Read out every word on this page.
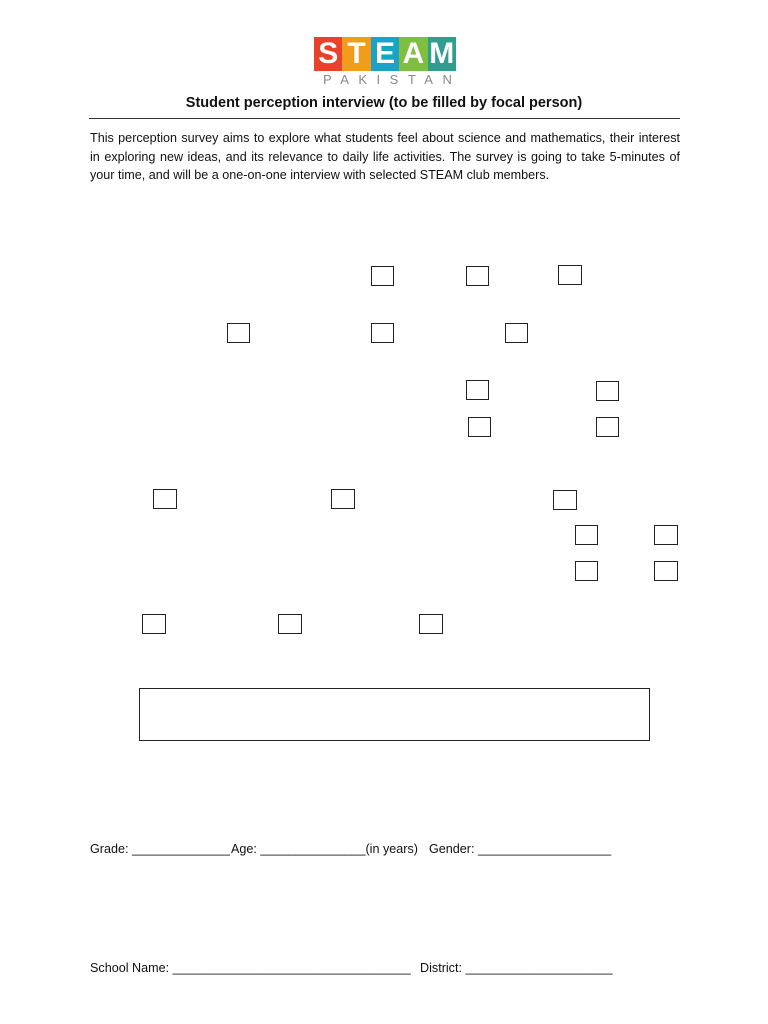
S T E A M
PAKISTAN
Student perception interview (to be filled by focal person)
This perception survey aims to explore what students feel about science and mathematics, their interest in exploring new ideas, and its relevance to daily life activities. The survey is going to take 5-minutes of your time, and will be a one-on-one interview with selected STEAM club members.
Grade: ______________ Age: _______________(in years) Gender: ___________________
School Name: __________________________________ District: _____________________
